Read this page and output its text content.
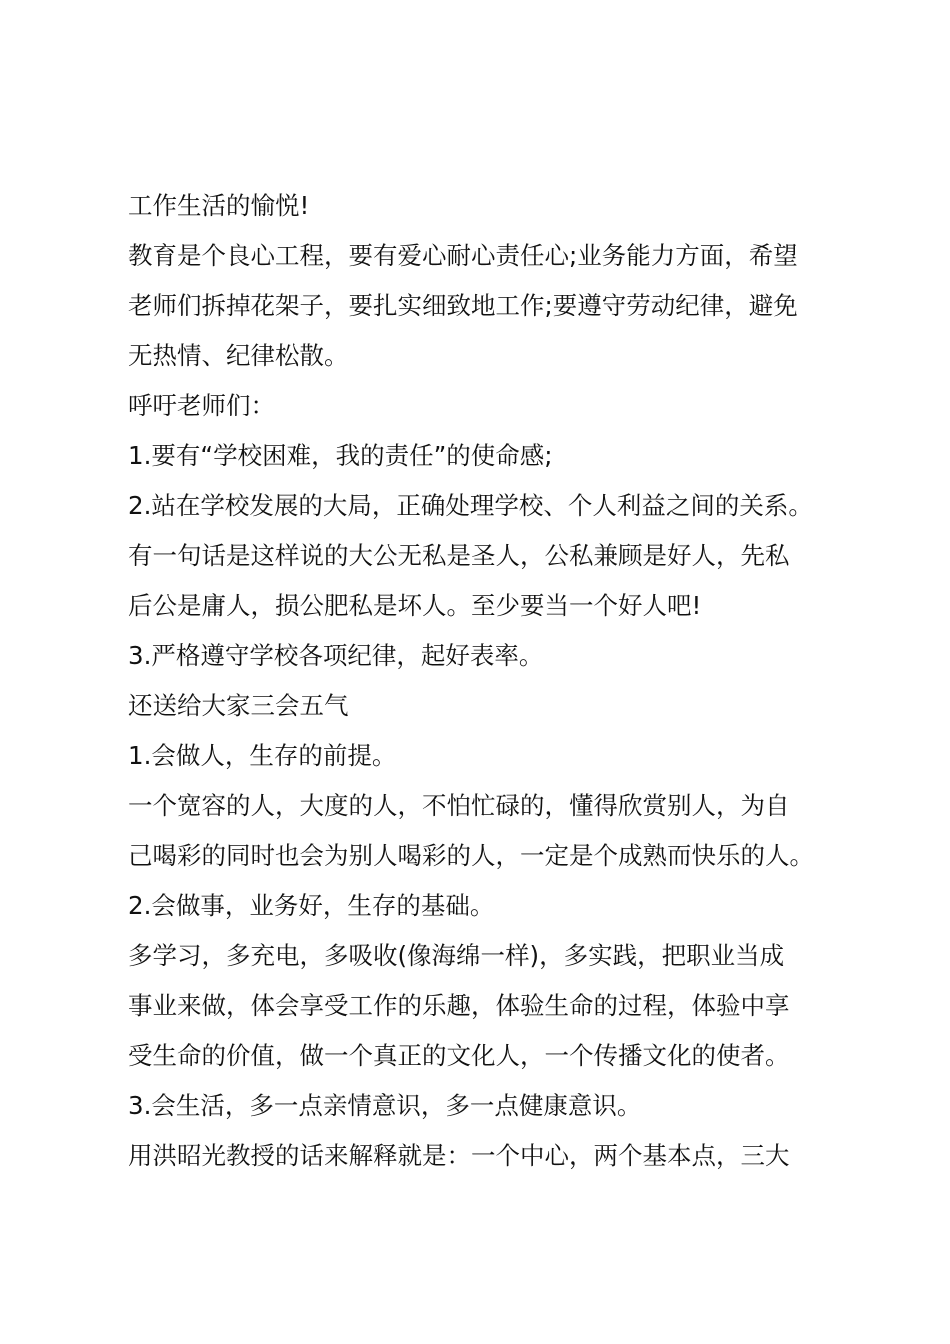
工作生活的愉悦!
教育是个良心工程，要有爱心耐心责任心;业务能力方面，希望
老师们拆掉花架子，要扎实细致地工作;要遵守劳动纪律，避免
无热情、纪律松散。
呼吁老师们：
1.要有“学校困难，我的责任”的使命感;
2.站在学校发展的大局，正确处理学校、个人利益之间的关系。
有一句话是这样说的大公无私是圣人，公私兼顾是好人，先私
后公是庸人，损公肥私是坏人。至少要当一个好人吧!
3.严格遵守学校各项纪律，起好表率。
还送给大家三会五气
1.会做人，生存的前提。
一个宽容的人，大度的人，不怕忙碌的，懂得欣赏别人，为自
己喝彩的同时也会为别人喝彩的人，一定是个成熟而快乐的人。
2.会做事，业务好，生存的基础。
多学习，多充电，多吸收(像海绵一样)，多实践，把职业当成
事业来做，体会享受工作的乐趣，体验生命的过程，体验中享
受生命的价值，做一个真正的文化人，一个传播文化的使者。
3.会生活，多一点亲情意识，多一点健康意识。
用洪昭光教授的话来解释就是：一个中心，两个基本点，三大
